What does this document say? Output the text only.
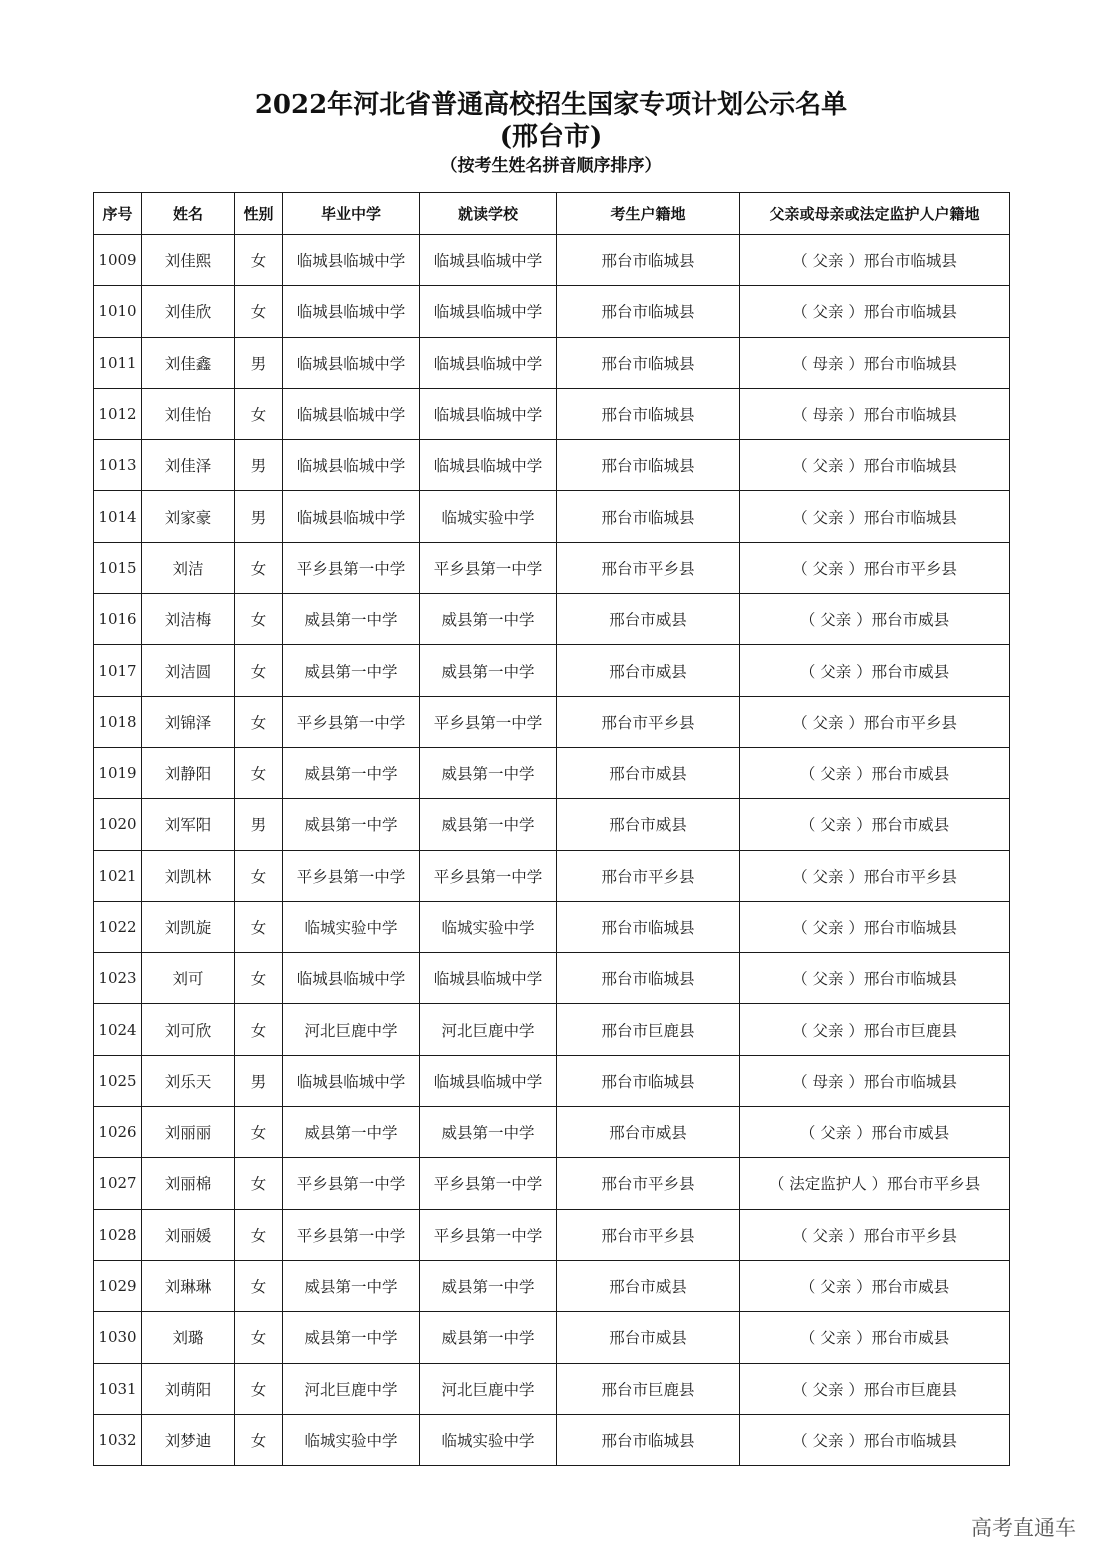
2022年河北省普通高校招生国家专项计划公示名单
(邢台市)
（按考生姓名拼音顺序排序）
序号	姓名	性别	毕业中学	就读学校	考生户籍地	父亲或母亲或法定监护人户籍地
1009	刘佳熙	女	临城县临城中学	临城县临城中学	邢台市临城县	（ 父亲 ）邢台市临城县
1010	刘佳欣	女	临城县临城中学	临城县临城中学	邢台市临城县	（ 父亲 ）邢台市临城县
1011	刘佳鑫	男	临城县临城中学	临城县临城中学	邢台市临城县	（ 母亲 ）邢台市临城县
1012	刘佳怡	女	临城县临城中学	临城县临城中学	邢台市临城县	（ 母亲 ）邢台市临城县
1013	刘佳泽	男	临城县临城中学	临城县临城中学	邢台市临城县	（ 父亲 ）邢台市临城县
1014	刘家豪	男	临城县临城中学	临城实验中学	邢台市临城县	（ 父亲 ）邢台市临城县
1015	刘洁	女	平乡县第一中学	平乡县第一中学	邢台市平乡县	（ 父亲 ）邢台市平乡县
1016	刘洁梅	女	威县第一中学	威县第一中学	邢台市威县	（ 父亲 ）邢台市威县
1017	刘洁圆	女	威县第一中学	威县第一中学	邢台市威县	（ 父亲 ）邢台市威县
1018	刘锦泽	女	平乡县第一中学	平乡县第一中学	邢台市平乡县	（ 父亲 ）邢台市平乡县
1019	刘静阳	女	威县第一中学	威县第一中学	邢台市威县	（ 父亲 ）邢台市威县
1020	刘军阳	男	威县第一中学	威县第一中学	邢台市威县	（ 父亲 ）邢台市威县
1021	刘凯林	女	平乡县第一中学	平乡县第一中学	邢台市平乡县	（ 父亲 ）邢台市平乡县
1022	刘凯旋	女	临城实验中学	临城实验中学	邢台市临城县	（ 父亲 ）邢台市临城县
1023	刘可	女	临城县临城中学	临城县临城中学	邢台市临城县	（ 父亲 ）邢台市临城县
1024	刘可欣	女	河北巨鹿中学	河北巨鹿中学	邢台市巨鹿县	（ 父亲 ）邢台市巨鹿县
1025	刘乐天	男	临城县临城中学	临城县临城中学	邢台市临城县	（ 母亲 ）邢台市临城县
1026	刘丽丽	女	威县第一中学	威县第一中学	邢台市威县	（ 父亲 ）邢台市威县
1027	刘丽棉	女	平乡县第一中学	平乡县第一中学	邢台市平乡县	（ 法定监护人 ）邢台市平乡县
1028	刘丽媛	女	平乡县第一中学	平乡县第一中学	邢台市平乡县	（ 父亲 ）邢台市平乡县
1029	刘琳琳	女	威县第一中学	威县第一中学	邢台市威县	（ 父亲 ）邢台市威县
1030	刘璐	女	威县第一中学	威县第一中学	邢台市威县	（ 父亲 ）邢台市威县
1031	刘萌阳	女	河北巨鹿中学	河北巨鹿中学	邢台市巨鹿县	（ 父亲 ）邢台市巨鹿县
1032	刘梦迪	女	临城实验中学	临城实验中学	邢台市临城县	（ 父亲 ）邢台市临城县
高考直通车
